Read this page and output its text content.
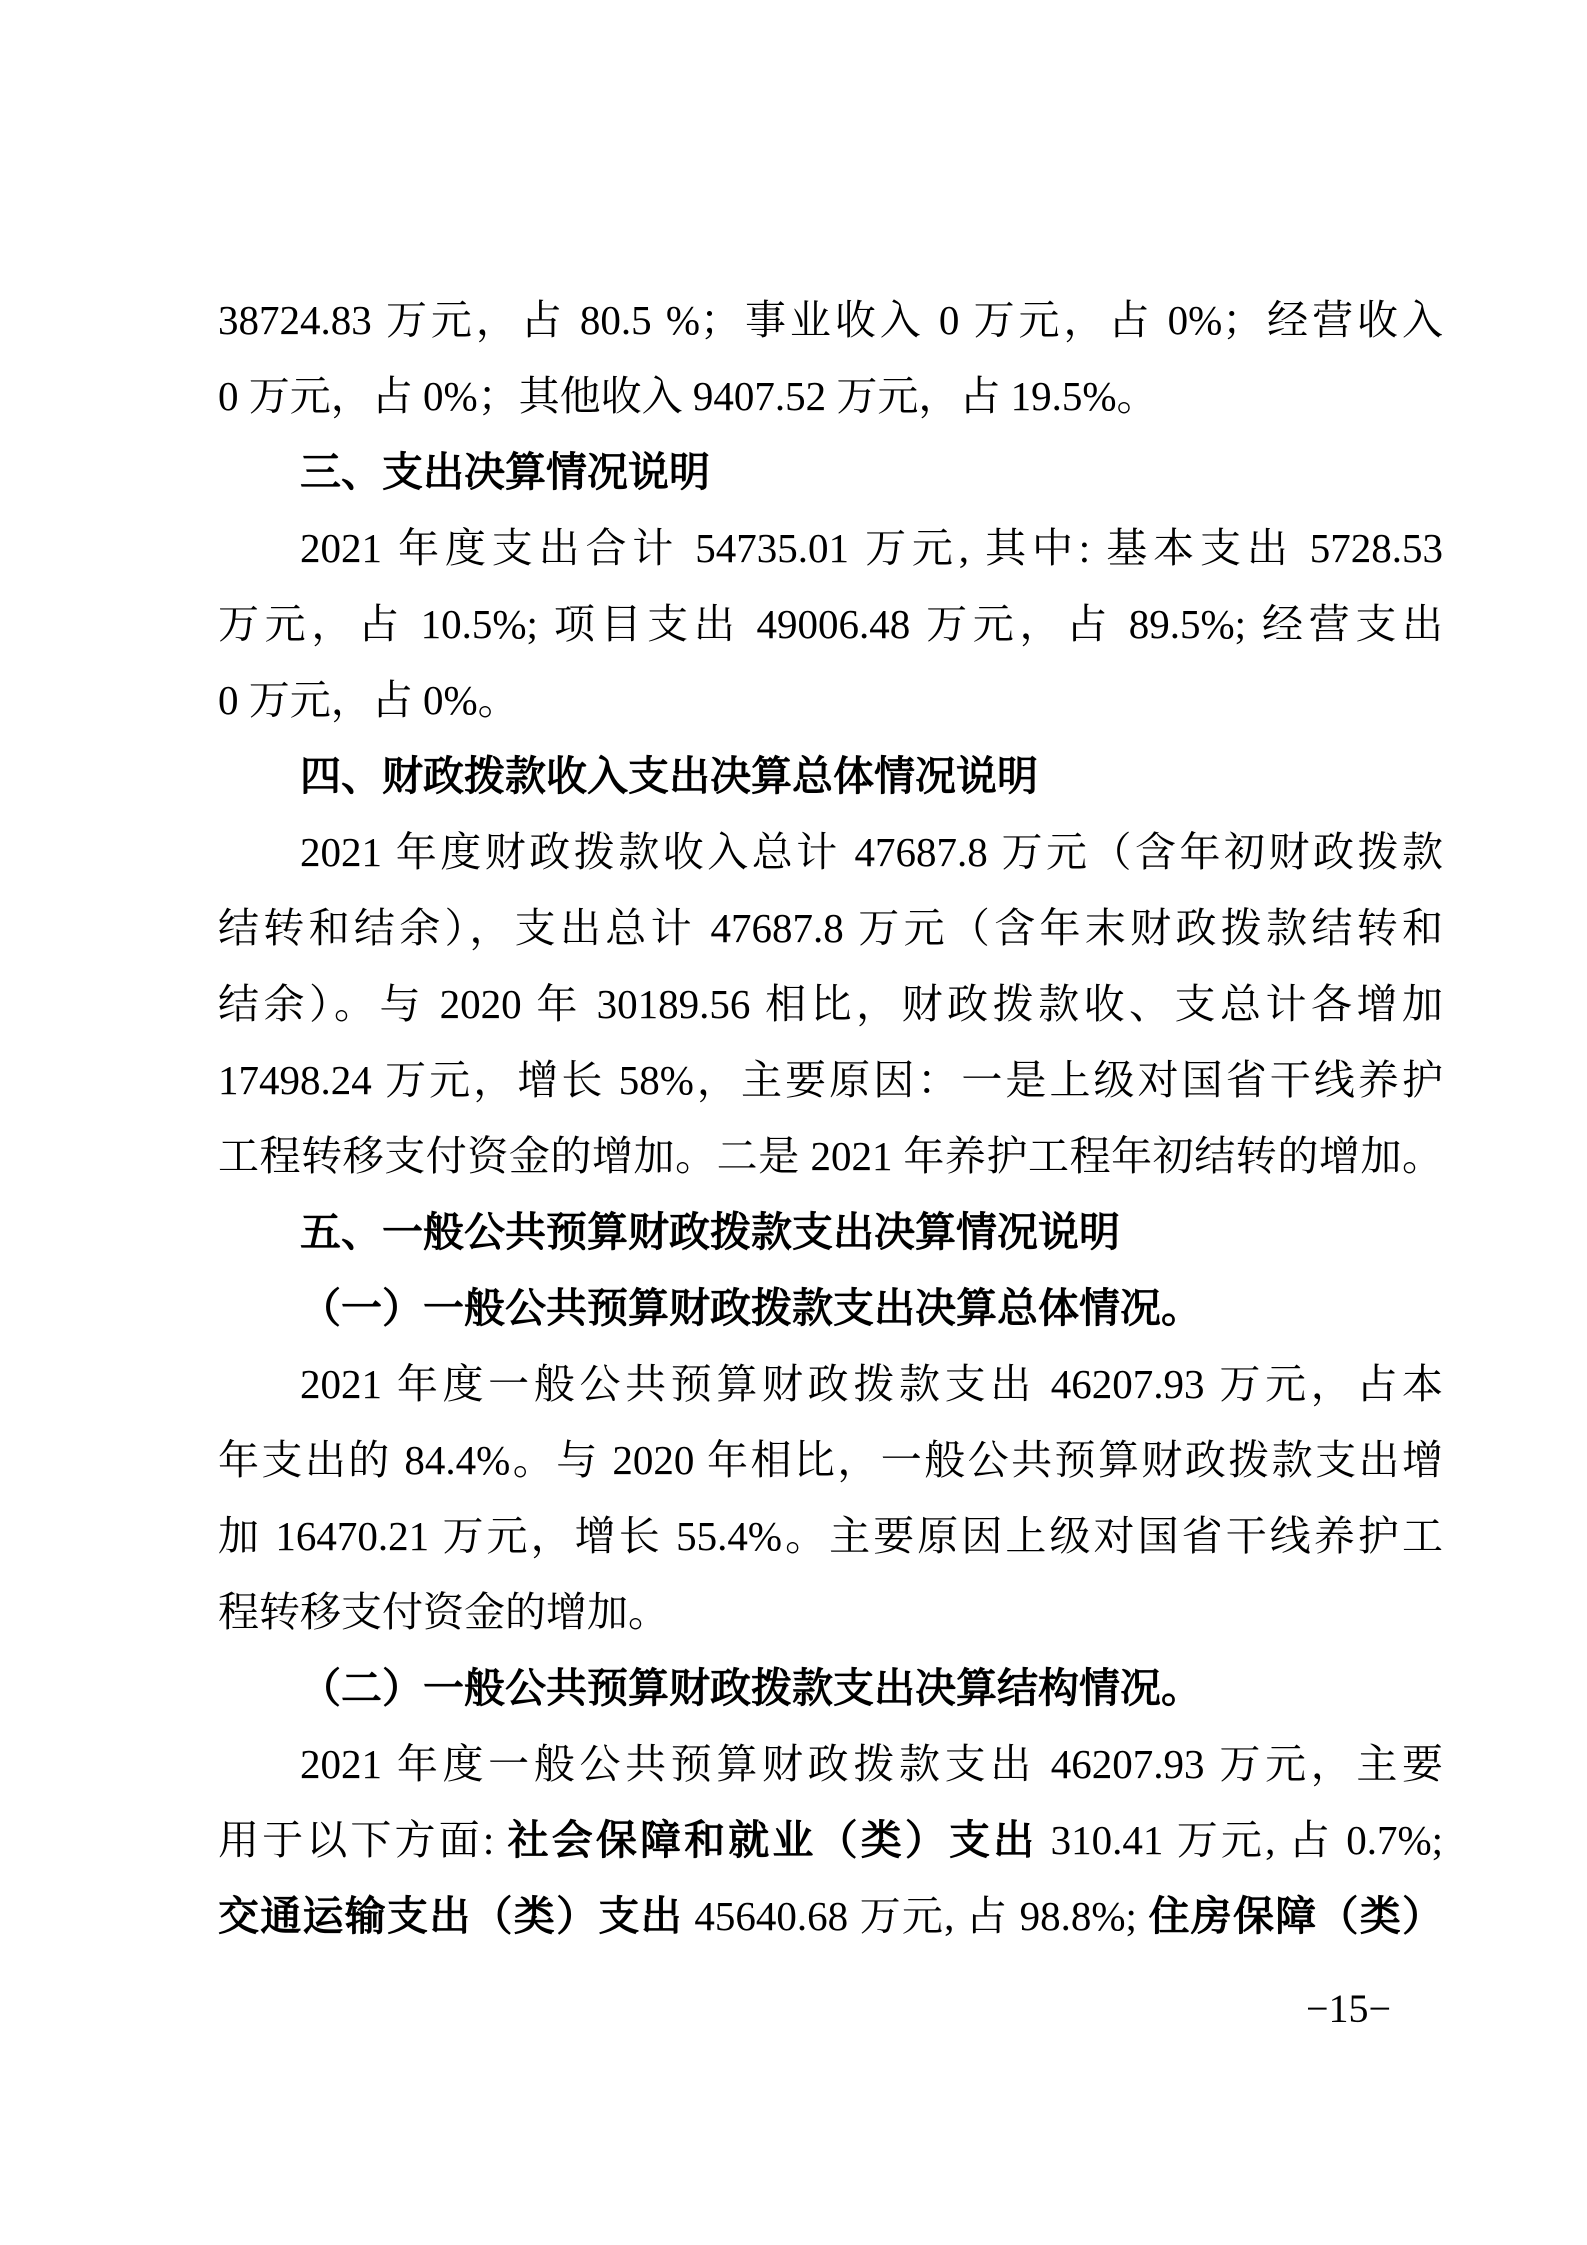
38724.83 万元，占 80.5 %；事业收入 0 万元，占 0%；经营收入
0 万元，占 0%；其他收入 9407.52 万元，占 19.5%。
三、支出决算情况说明
2021 年度支出合计 54735.01 万元, 其中: 基本支出 5728.53
万元，占 10.5%; 项目支出 49006.48 万元，占 89.5%; 经营支出
0 万元，占 0%。
四、财政拨款收入支出决算总体情况说明
2021 年度财政拨款收入总计 47687.8 万元（含年初财政拨款
结转和结余），支出总计 47687.8 万元（含年末财政拨款结转和
结余）。与 2020 年 30189.56 相比，财政拨款收、支总计各增加
17498.24 万元，增长 58%，主要原因：一是上级对国省干线养护
工程转移支付资金的增加。二是 2021 年养护工程年初结转的增加。
五、一般公共预算财政拨款支出决算情况说明
（一）一般公共预算财政拨款支出决算总体情况。
2021 年度一般公共预算财政拨款支出 46207.93 万元，占本
年支出的 84.4%。与 2020 年相比，一般公共预算财政拨款支出增
加 16470.21 万元，增长 55.4%。主要原因上级对国省干线养护工
程转移支付资金的增加。
（二）一般公共预算财政拨款支出决算结构情况。
2021 年度一般公共预算财政拨款支出 46207.93 万元，主要
用于以下方面: 社会保障和就业（类）支出 310.41 万元, 占 0.7%;
交通运输支出（类）支出 45640.68 万元, 占 98.8%; 住房保障（类）
−15−
